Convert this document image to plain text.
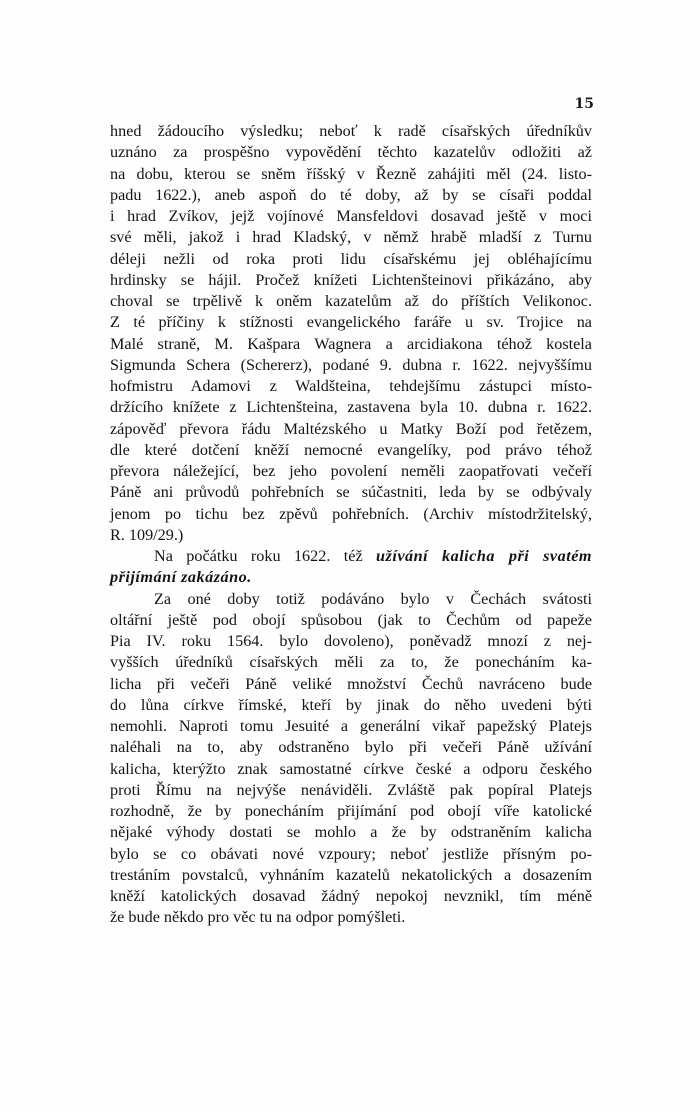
15
hned žádoucího výsledku; neboť k radě císařských úředníkův
uznáno za prospěšno vypovědění těchto kazatelův odložiti až
na dobu, kterou se sněm říšský v Řezně zahájiti měl (24. listo-
padu 1622.), aneb aspoň do té doby, až by se císaři poddal
i hrad Zvíkov, jejž vojínové Mansfeldovi dosavad ještě v moci
své měli, jakož i hrad Kladský, v němž hrabě mladší z Turnu
déleji nežli od roka proti lidu císařskému jej obléhajícímu
hrdinsky se hájil. Pročež knížeti Lichtenšteinovi přikázáno, aby
choval se trpělivě k oněm kazatelům až do příštích Velikonoc.
Z té příčiny k stížnosti evangelického faráře u sv. Trojice na
Malé straně, M. Kašpara Wagnera a arcidiakona téhož kostela
Sigmunda Schera (Schererz), podané 9. dubna r. 1622. nejvyššímu
hofmistru Adamovi z Waldšteina, tehdejšímu zástupci místo-
držícího knížete z Lichtenšteina, zastavena byla 10. dubna r. 1622.
zápověď převora řádu Maltézského u Matky Boží pod řetězem,
dle které dotčení kněží nemocné evangelíky, pod právo téhož
převora náležející, bez jeho povolení neměli zaopatřovati večeří
Páně ani průvodů pohřebních se súčastniti, leda by se odbývaly
jenom po tichu bez zpěvů pohřebních. (Archiv místodržitelský,
R. 109/29.)
Na počátku roku 1622. též užívání kalicha při svatém
přijímání zakázáno.
Za oné doby totiž podáváno bylo v Čechách svátosti
oltářní ještě pod obojí spůsobou (jak to Čechům od papeže
Pia IV. roku 1564. bylo dovoleno), poněvadž mnozí z nej-
vyšších úředníků císařských měli za to, že ponecháním ka-
licha při večeři Páně veliké množství Čechů navráceno bude
do lůna církve římské, kteří by jinak do něho uvedeni býti
nemohli. Naproti tomu Jesuité a generální vikař papežský Platejs
naléhali na to, aby odstraněno bylo při večeři Páně užívání
kalicha, kterýžto znak samostatné církve české a odporu českého
proti Římu na nejvýše nenáviděli. Zvláště pak popíral Platejs
rozhodně, že by ponecháním přijímání pod obojí víře katolické
nějaké výhody dostati se mohlo a že by odstraněním kalicha
bylo se co obávati nové vzpoury; neboť jestliže přísným po-
trestáním povstalců, vyhnáním kazatelů nekatolických a dosazením
kněží katolických dosavad žádný nepokoj nevznikl, tím méně
že bude někdo pro věc tu na odpor pomýšleti.
